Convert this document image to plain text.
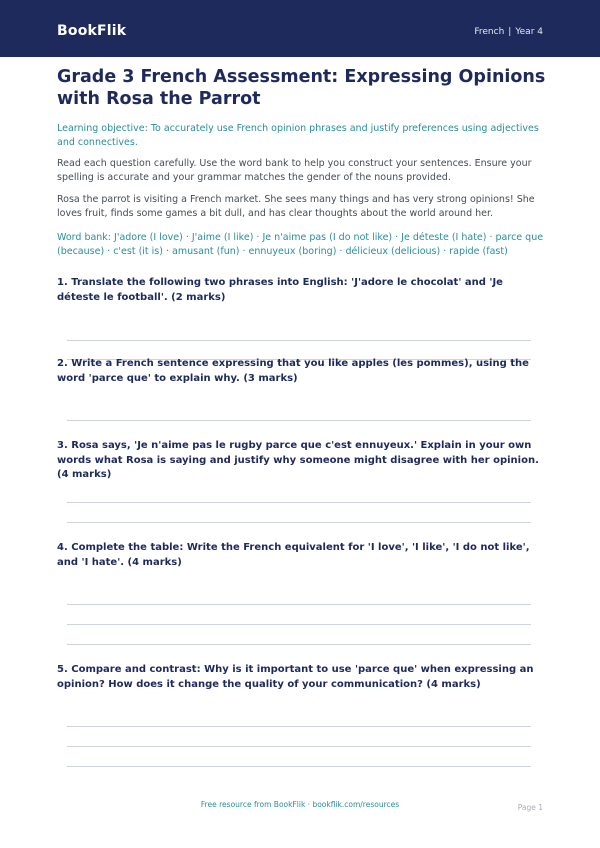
BookFlik	French | Year 4
Grade 3 French Assessment: Expressing Opinions with Rosa the Parrot
Learning objective: To accurately use French opinion phrases and justify preferences using adjectives and connectives.
Read each question carefully. Use the word bank to help you construct your sentences. Ensure your spelling is accurate and your grammar matches the gender of the nouns provided.
Rosa the parrot is visiting a French market. She sees many things and has very strong opinions! She loves fruit, finds some games a bit dull, and has clear thoughts about the world around her.
Word bank: J'adore (I love) · J'aime (I like) · Je n'aime pas (I do not like) · Je déteste (I hate) · parce que (because) · c'est (it is) · amusant (fun) · ennuyeux (boring) · délicieux (delicious) · rapide (fast)
1. Translate the following two phrases into English: 'J'adore le chocolat' and 'Je déteste le football'. (2 marks)
2. Write a French sentence expressing that you like apples (les pommes), using the word 'parce que' to explain why. (3 marks)
3. Rosa says, 'Je n'aime pas le rugby parce que c'est ennuyeux.' Explain in your own words what Rosa is saying and justify why someone might disagree with her opinion. (4 marks)
4. Complete the table: Write the French equivalent for 'I love', 'I like', 'I do not like', and 'I hate'. (4 marks)
5. Compare and contrast: Why is it important to use 'parce que' when expressing an opinion? How does it change the quality of your communication? (4 marks)
Free resource from BookFlik · bookflik.com/resources	Page 1
